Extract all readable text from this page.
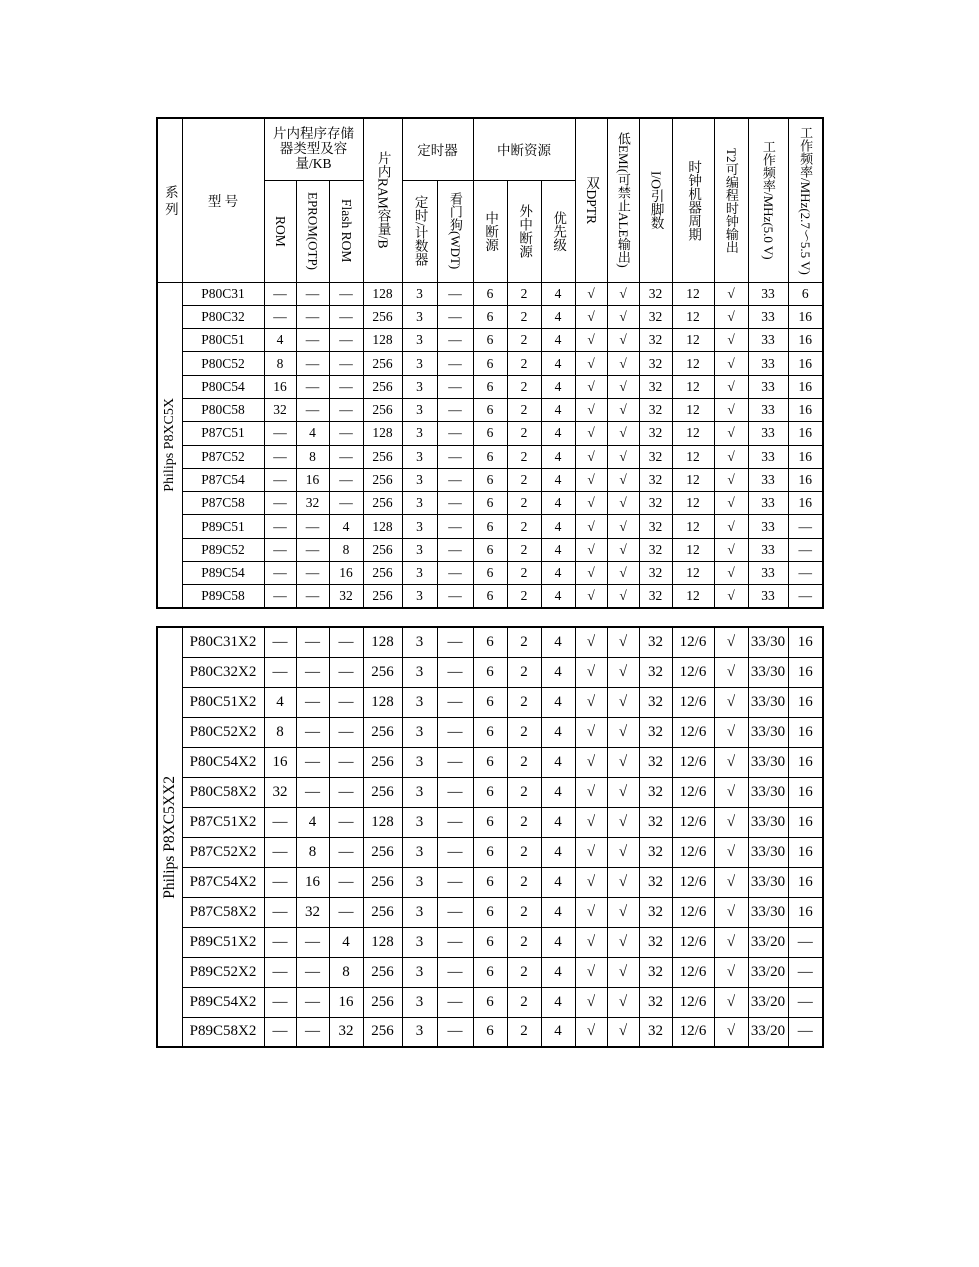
系 列	型 号	片内程序存储器类型及容量/KB			片内RAM容量/B	定时器		中断资源			双DPTR	低EMI(可禁止ALE输出)	I/O引脚数	时钟机器周期	T2可编程时钟输出	工作频率/MHz(5.0 V)	工作频率/MHz(2.7～5.5 V)

		ROM	EPROM(OTP)	Flash ROM		定时/计数器	看门狗(WDT)	中断源	外中断源	优先级							

Philips P8XC5X	P80C31	—	—	—	128	3	—	6	2	4	√	√	32	12	√	33	6
	P80C32	—	—	—	256	3	—	6	2	4	√	√	32	12	√	33	16
	P80C51	4	—	—	128	3	—	6	2	4	√	√	32	12	√	33	16
	P80C52	8	—	—	256	3	—	6	2	4	√	√	32	12	√	33	16
	P80C54	16	—	—	256	3	—	6	2	4	√	√	32	12	√	33	16
	P80C58	32	—	—	256	3	—	6	2	4	√	√	32	12	√	33	16
	P87C51	—	4	—	128	3	—	6	2	4	√	√	32	12	√	33	16
	P87C52	—	8	—	256	3	—	6	2	4	√	√	32	12	√	33	16
	P87C54	—	16	—	256	3	—	6	2	4	√	√	32	12	√	33	16
	P87C58	—	32	—	256	3	—	6	2	4	√	√	32	12	√	33	16
	P89C51	—	—	4	128	3	—	6	2	4	√	√	32	12	√	33	—
	P89C52	—	—	8	256	3	—	6	2	4	√	√	32	12	√	33	—
	P89C54	—	—	16	256	3	—	6	2	4	√	√	32	12	√	33	—
	P89C58	—	—	32	256	3	—	6	2	4	√	√	32	12	√	33	—
Philips P8XC5XX2	P80C31X2	—	—	—	128	3	—	6	2	4	√	√	32	12/6	√	33/30	16
	P80C32X2	—	—	—	256	3	—	6	2	4	√	√	32	12/6	√	33/30	16
	P80C51X2	4	—	—	128	3	—	6	2	4	√	√	32	12/6	√	33/30	16
	P80C52X2	8	—	—	256	3	—	6	2	4	√	√	32	12/6	√	33/30	16
	P80C54X2	16	—	—	256	3	—	6	2	4	√	√	32	12/6	√	33/30	16
	P80C58X2	32	—	—	256	3	—	6	2	4	√	√	32	12/6	√	33/30	16
	P87C51X2	—	4	—	128	3	—	6	2	4	√	√	32	12/6	√	33/30	16
	P87C52X2	—	8	—	256	3	—	6	2	4	√	√	32	12/6	√	33/30	16
	P87C54X2	—	16	—	256	3	—	6	2	4	√	√	32	12/6	√	33/30	16
	P87C58X2	—	32	—	256	3	—	6	2	4	√	√	32	12/6	√	33/30	16
	P89C51X2	—	—	4	128	3	—	6	2	4	√	√	32	12/6	√	33/20	—
	P89C52X2	—	—	8	256	3	—	6	2	4	√	√	32	12/6	√	33/20	—
	P89C54X2	—	—	16	256	3	—	6	2	4	√	√	32	12/6	√	33/20	—
	P89C58X2	—	—	32	256	3	—	6	2	4	√	√	32	12/6	√	33/20	—
